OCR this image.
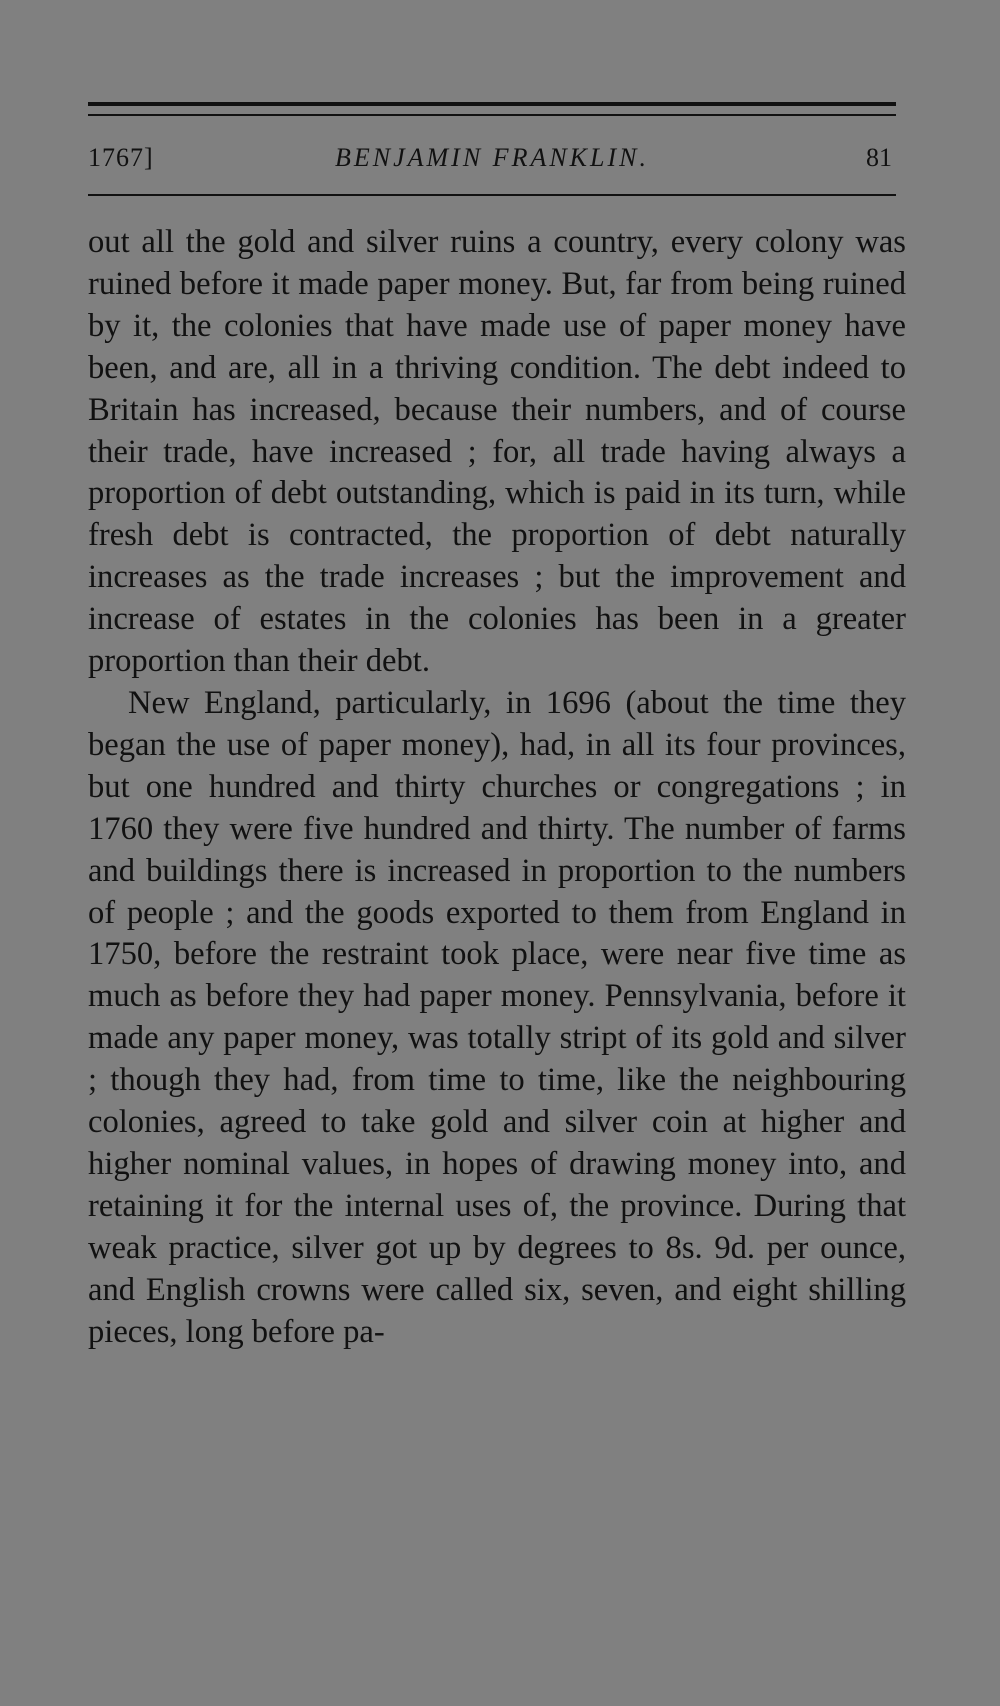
1767]	BENJAMIN FRANKLIN.	81

out all the gold and silver ruins a country, every colony was ruined before it made paper money. But, far from being ruined by it, the colonies that have made use of paper money have been, and are, all in a thriving condition. The debt indeed to Britain has increased, because their numbers, and of course their trade, have increased ; for, all trade having always a proportion of debt outstanding, which is paid in its turn, while fresh debt is contracted, the proportion of debt naturally increases as the trade increases ; but the improvement and increase of estates in the colonies has been in a greater proportion than their debt.

New England, particularly, in 1696 (about the time they began the use of paper money), had, in all its four provinces, but one hundred and thirty churches or congregations ; in 1760 they were five hundred and thirty. The number of farms and buildings there is increased in proportion to the numbers of people ; and the goods exported to them from England in 1750, before the restraint took place, were near five time as much as before they had paper money. Pennsylvania, before it made any paper money, was totally stript of its gold and silver ; though they had, from time to time, like the neighbouring colonies, agreed to take gold and silver coin at higher and higher nominal values, in hopes of drawing money into, and retaining it for the internal uses of, the province. During that weak practice, silver got up by degrees to 8s. 9d. per ounce, and English crowns were called six, seven, and eight shilling pieces, long before pa-
